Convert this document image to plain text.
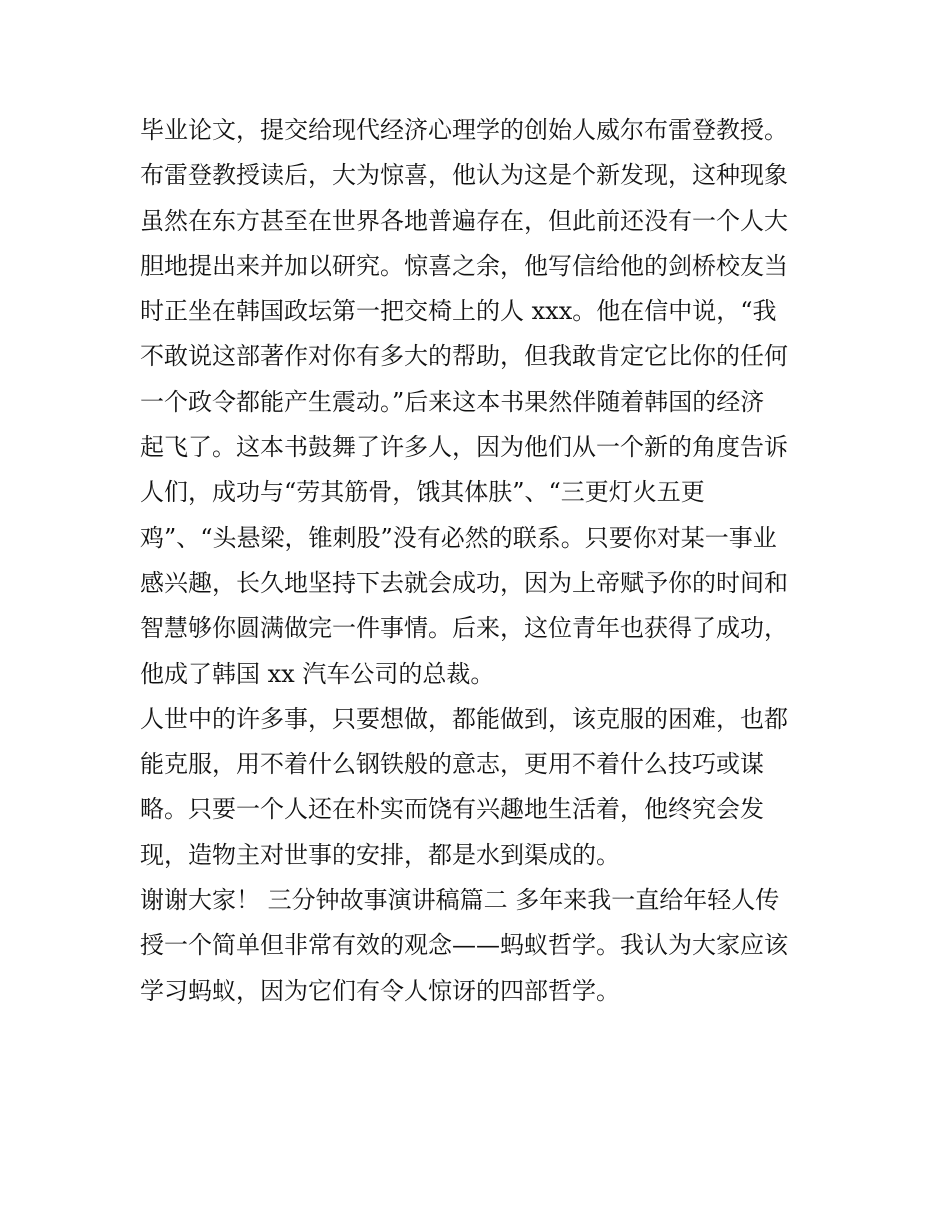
毕业论文，提交给现代经济心理学的创始人威尔布雷登教授。
布雷登教授读后，大为惊喜，他认为这是个新发现，这种现象
虽然在东方甚至在世界各地普遍存在，但此前还没有一个人大
胆地提出来并加以研究。惊喜之余，他写信给他的剑桥校友当
时正坐在韩国政坛第一把交椅上的人 xxx。他在信中说，“我
不敢说这部著作对你有多大的帮助，但我敢肯定它比你的任何
一个政令都能产生震动。”后来这本书果然伴随着韩国的经济
起飞了。这本书鼓舞了许多人，因为他们从一个新的角度告诉
人们，成功与“劳其筋骨，饿其体肤”、“三更灯火五更
鸡”、“头悬梁，锥刺股”没有必然的联系。只要你对某一事业
感兴趣，长久地坚持下去就会成功，因为上帝赋予你的时间和
智慧够你圆满做完一件事情。后来，这位青年也获得了成功，
他成了韩国 xx 汽车公司的总裁。
人世中的许多事，只要想做，都能做到，该克服的困难，也都
能克服，用不着什么钢铁般的意志，更用不着什么技巧或谋
略。只要一个人还在朴实而饶有兴趣地生活着，他终究会发
现，造物主对世事的安排，都是水到渠成的。
谢谢大家！ 三分钟故事演讲稿篇二 多年来我一直给年轻人传
授一个简单但非常有效的观念——蚂蚁哲学。我认为大家应该
学习蚂蚁，因为它们有令人惊讶的四部哲学。
